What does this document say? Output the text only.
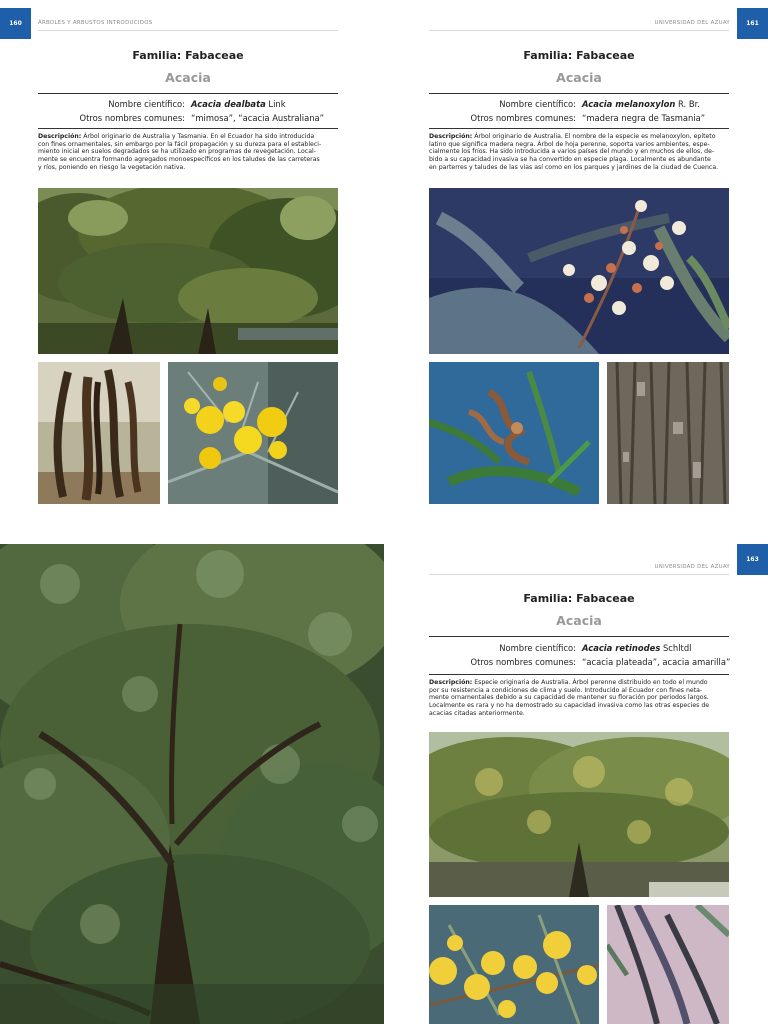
160	ÁRBOLES Y ARBUSTOS INTRODUCIDOS
Familia: Fabaceae
Acacia
Nombre científico: Acacia dealbata Link
Otros nombres comunes: “mimosa”, “acacia Australiana”
Descripción: Árbol originario de Australia y Tasmania. En el Ecuador ha sido introducida
con fines ornamentales, sin embargo por la fácil propagación y su dureza para el estableci-
miento inicial en suelos degradados se ha utilizado en programas de revegetación. Local-
mente se encuentra formando agregados monoespecíficos en los taludes de las carreteras
y ríos, poniendo en riesgo la vegetación nativa.
UNIVERSIDAD DEL AZUAY	161
Familia: Fabaceae
Acacia
Nombre científico: Acacia melanoxylon R. Br.
Otros nombres comunes: “madera negra de Tasmania”
Descripción: Árbol originario de Australia. El nombre de la especie es melanoxylon, epíteto
latino que significa madera negra. Árbol de hoja perenne, soporta varios ambientes, espe-
cialmente los fríos. Ha sido introducida a varios países del mundo y en muchos de ellos, de-
bido a su capacidad invasiva se ha convertido en especie plaga. Localmente es abundante
en parterres y taludes de las vías así como en los parques y jardines de la ciudad de Cuenca.
UNIVERSIDAD DEL AZUAY
163
Familia: Fabaceae
Acacia
Nombre científico: Acacia retinodes Schltdl
Otros nombres comunes: “acacia plateada”, acacia amarilla”
Descripción: Especie originaria de Australia. Árbol perenne distribuido en todo el mundo
por su resistencia a condiciones de clima y suelo. Introducido al Ecuador con fines neta-
mente ornamentales debido a su capacidad de mantener su floración por periodos largos.
Localmente es rara y no ha demostrado su capacidad invasiva como las otras especies de
acacias citadas anteriormente.
